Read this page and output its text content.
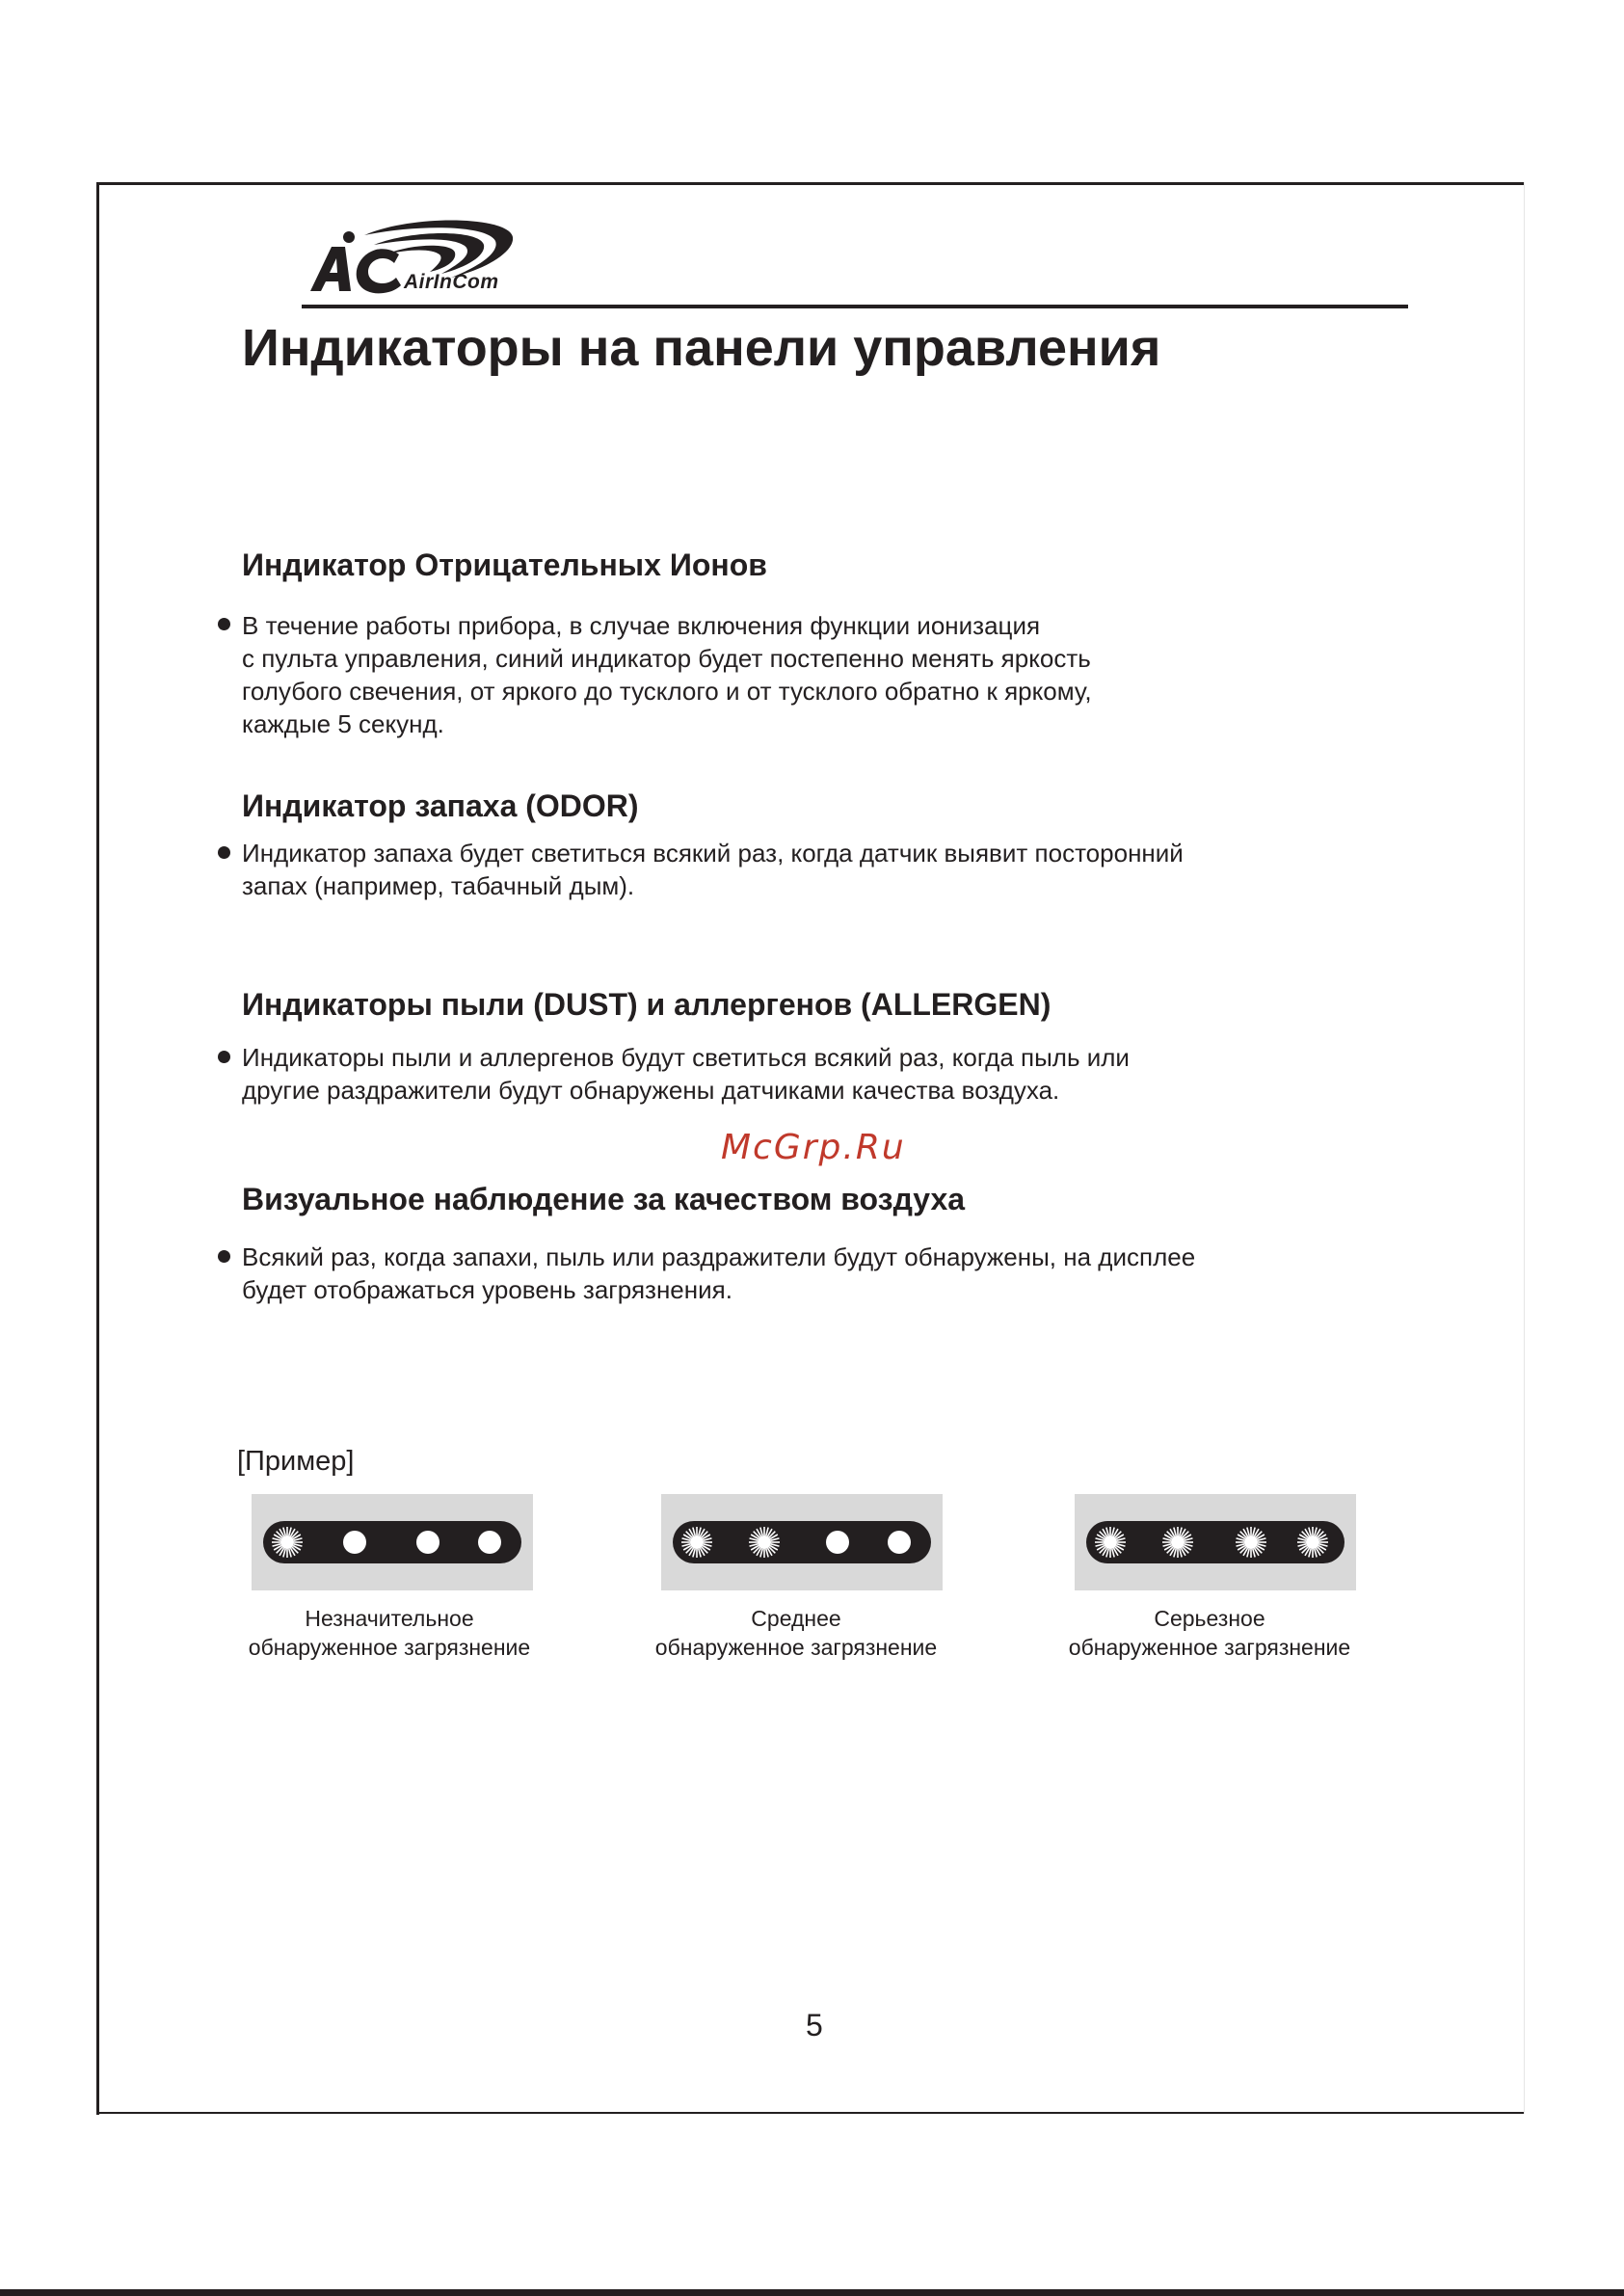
AirInCom
Индикаторы на панели управления
Индикатор Отрицательных Ионов
В течение работы прибора, в случае включения функции ионизация
с пульта управления, синий индикатор будет постепенно менять яркость
голубого свечения, от яркого до тусклого и от тусклого обратно к яркому,
каждые 5 секунд.
Индикатор запаха (ODOR)
Индикатор запаха будет светиться всякий раз, когда датчик выявит посторонний
запах (например, табачный дым).
Индикаторы пыли (DUST) и аллергенов (ALLERGEN)
Индикаторы пыли и аллергенов будут светиться всякий раз, когда пыль или
другие раздражители будут обнаружены датчиками качества воздуха.
McGrp.Ru
Визуальное наблюдение за качеством воздуха
Всякий раз, когда запахи, пыль или раздражители будут обнаружены, на дисплее
будет отображаться уровень загрязнения.
[Пример]
Незначительное
обнаруженное загрязнение
Среднее
обнаруженное загрязнение
Серьезное
обнаруженное загрязнение
5
